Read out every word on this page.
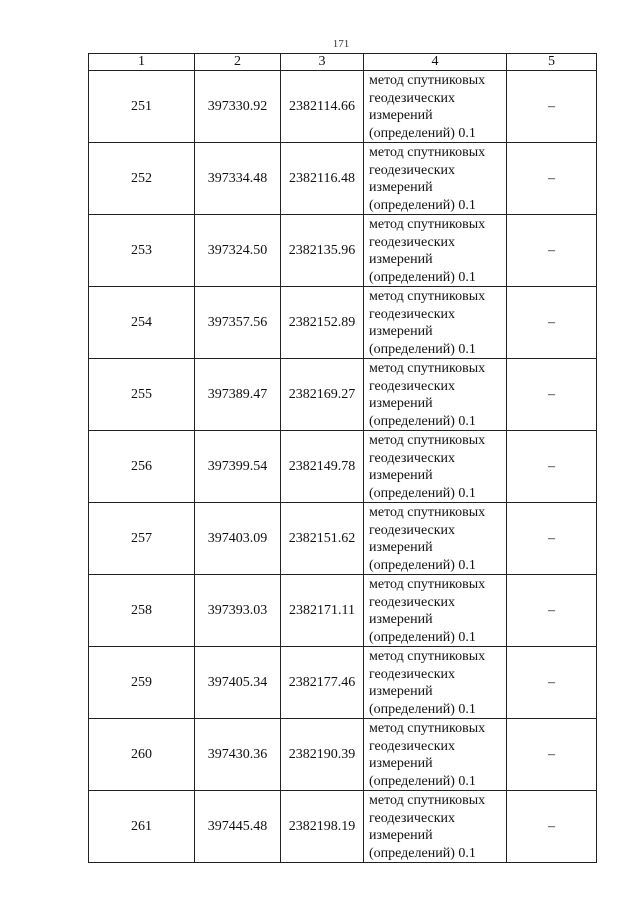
171
1	2	3	4	5
251	397330.92	2382114.66	метод спутниковых
геодезических
измерений
(определений) 0.1	–
252	397334.48	2382116.48	метод спутниковых
геодезических
измерений
(определений) 0.1	–
253	397324.50	2382135.96	метод спутниковых
геодезических
измерений
(определений) 0.1	–
254	397357.56	2382152.89	метод спутниковых
геодезических
измерений
(определений) 0.1	–
255	397389.47	2382169.27	метод спутниковых
геодезических
измерений
(определений) 0.1	–
256	397399.54	2382149.78	метод спутниковых
геодезических
измерений
(определений) 0.1	–
257	397403.09	2382151.62	метод спутниковых
геодезических
измерений
(определений) 0.1	–
258	397393.03	2382171.11	метод спутниковых
геодезических
измерений
(определений) 0.1	–
259	397405.34	2382177.46	метод спутниковых
геодезических
измерений
(определений) 0.1	–
260	397430.36	2382190.39	метод спутниковых
геодезических
измерений
(определений) 0.1	–
261	397445.48	2382198.19	метод спутниковых
геодезических
измерений
(определений) 0.1	–
